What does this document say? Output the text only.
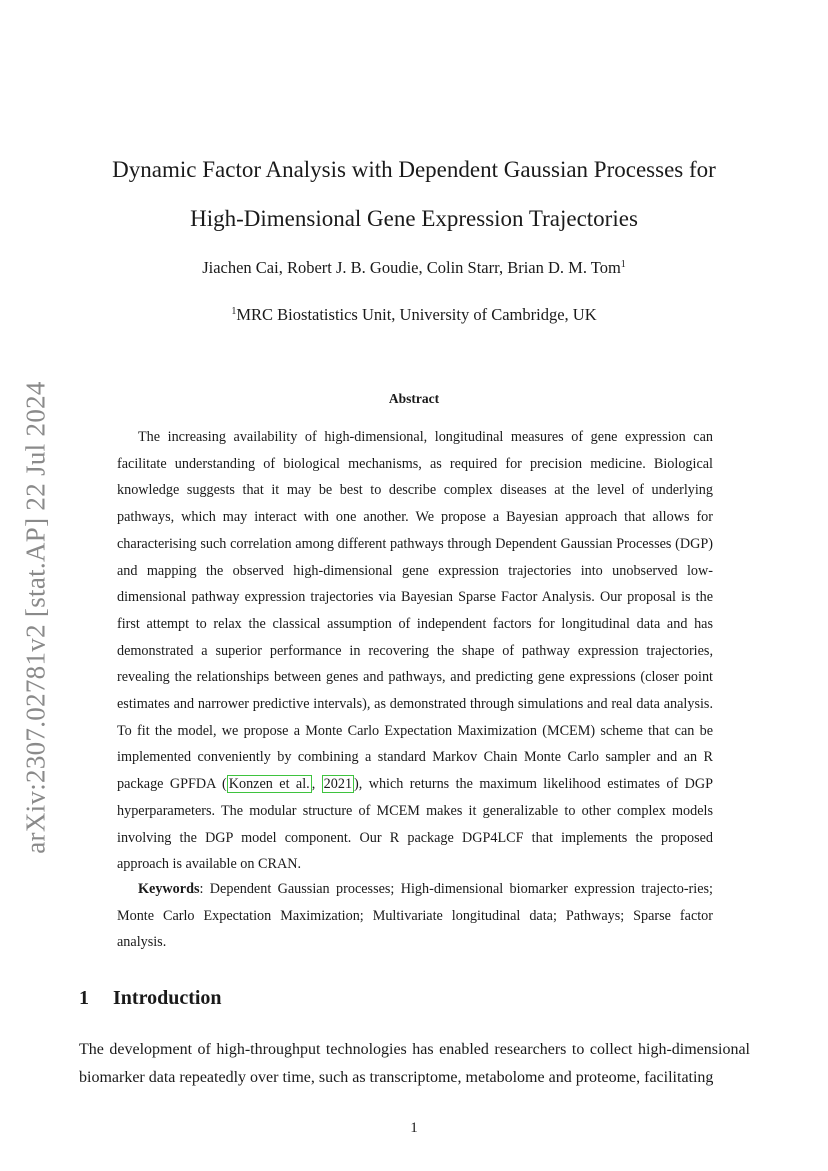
arXiv:2307.02781v2 [stat.AP] 22 Jul 2024
Dynamic Factor Analysis with Dependent Gaussian Processes for
High-Dimensional Gene Expression Trajectories
Jiachen Cai, Robert J. B. Goudie, Colin Starr, Brian D. M. Tom$^1$
$^1$MRC Biostatistics Unit, University of Cambridge, UK
Abstract

The increasing availability of high-dimensional, longitudinal measures of gene expression can facilitate understanding of biological mechanisms, as required for precision medicine. Biological knowledge suggests that it may be best to describe complex diseases at the level of underlying pathways, which may interact with one another. We propose a Bayesian approach that allows for characterising such correlation among different pathways through Dependent Gaussian Processes (DGP) and mapping the observed high-dimensional gene expression trajectories into unobserved low-dimensional pathway expression trajectories via Bayesian Sparse Factor Analysis. Our proposal is the first attempt to relax the classical assumption of independent factors for longitudinal data and has demonstrated a superior performance in recovering the shape of pathway expression trajectories, revealing the relationships between genes and pathways, and predicting gene expressions (closer point estimates and narrower predictive intervals), as demonstrated through simulations and real data analysis. To fit the model, we propose a Monte Carlo Expectation Maximization (MCEM) scheme that can be implemented conveniently by combining a standard Markov Chain Monte Carlo sampler and an R package GPFDA ( Konzen et al. , 2021 ), which returns the maximum likelihood estimates of DGP hyperparameters. The modular structure of MCEM makes it generalizable to other complex models involving the DGP model component. Our R package DGP4LCF that implements the proposed approach is available on CRAN.

Keywords: Dependent Gaussian processes; High-dimensional biomarker expression trajecto-ries; Monte Carlo Expectation Maximization; Multivariate longitudinal data; Pathways; Sparse factor analysis.

1 Introduction

The development of high-throughput technologies has enabled researchers to collect high-dimensional biomarker data repeatedly over time, such as transcriptome, metabolome and proteome, facilitating

1
